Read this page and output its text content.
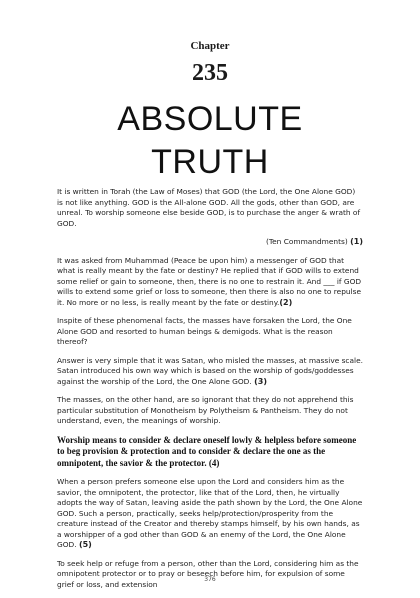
Chapter
235
ABSOLUTE
TRUTH

It is written in Torah (the Law of Moses) that GOD (the Lord, the One Alone GOD) is not like anything. GOD is the All-alone GOD. All the gods, other than GOD, are unreal. To worship someone else beside GOD, is to purchase the anger & wrath of GOD.

(Ten Commandments) (1)

It was asked from Muhammad (Peace be upon him) a messenger of GOD that what is really meant by the fate or destiny? He replied that if GOD wills to extend some relief or gain to someone, then, there is no one to restrain it. And ___ if GOD wills to extend some grief or loss to someone, then there is also no one to repulse it. No more or no less, is really meant by the fate or destiny.(2)

Inspite of these phenomenal facts, the masses have forsaken the Lord, the One Alone GOD and resorted to human beings & demigods. What is the reason thereof?

Answer is very simple that it was Satan, who misled the masses, at massive scale. Satan introduced his own way which is based on the worship of gods/goddesses against the worship of the Lord, the One Alone GOD. (3)

The masses, on the other hand, are so ignorant that they do not apprehend this particular substitution of Monotheism by Polytheism & Pantheism. They do not understand, even, the meanings of worship.

Worship means to consider & declare oneself lowly & helpless before someone to beg provision & protection and to consider & declare the one as the omnipotent, the savior & the protector. (4)

When a person prefers someone else upon the Lord and considers him as the savior, the omnipotent, the protector, like that of the Lord, then, he virtually adopts the way of Satan, leaving aside the path shown by the Lord, the One Alone GOD. Such a person, practically, seeks help/protection/prosperity from the creature instead of the Creator and thereby stamps himself, by his own hands, as a worshipper of a god other than GOD & an enemy of the Lord, the One Alone GOD. (5)

To seek help or refuge from a person, other than the Lord, considering him as the omnipotent protector or to pray or beseech before him, for expulsion of some grief or loss, and extension	376
